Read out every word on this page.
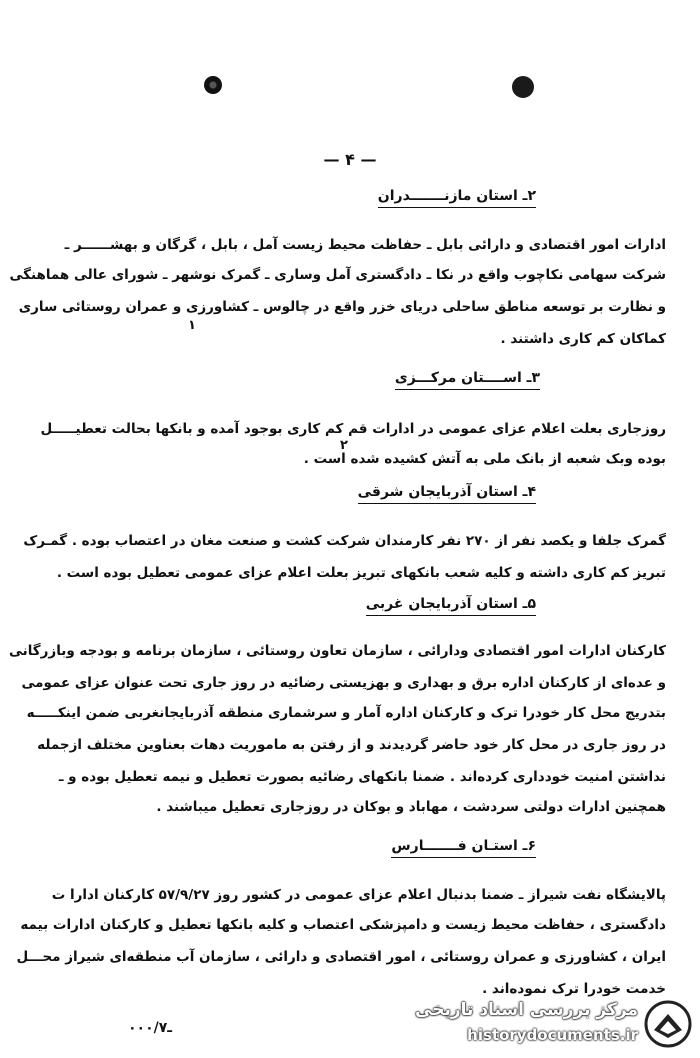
— ۴ —
۲ـ استان مازنـــــــدران
ادارات امور اقتصادی و دارائی بابل ـ حفاظت محیط زیست آمل ، بابل ، گرگان و بهشــــــر ـ
شرکت سهامی نکاچوب واقع در نکا ـ دادگستری آمل وساری ـ گمرک نوشهر ـ شورای عالی هماهنگی
و نظارت بر توسعه مناطق ساحلی دریای خزر واقع در چالوس ـ کشاورزی و عمران روستائی ساری
کماکان کم کاری داشتند .
۱
۳ـ اســــتان مرکـــزی
روزجاری بعلت اعلام عزای عمومی در ادارات قم کم کاری بوجود آمده و بانکها بحالت تعطیـــــل
بوده وبک شعبه از بانک ملی به آتش کشیده شده است .
۲
۴ـ استان آذربایجان شرقی
گمرک جلفا و یکصد نفر از ۲۷۰ نفر کارمندان شرکت کشت و صنعت مغان در اعتصاب بوده . گمـرک
تبریز کم کاری داشته و کلیه شعب بانکهای تبریز بعلت اعلام عزای عمومی تعطیل بوده است .
۵ـ استان آذربایجان غربی
کارکنان ادارات امور اقتصادی ودارائی ، سازمان تعاون روستائی ، سازمان برنامه و بودجه وبازرگانی
و عده‌ای از کارکنان اداره برق و بهداری و بهزیستی رضائیه در روز جاری تحت عنوان عزای عمومی
بتدریج محل کار خودرا ترک و کارکنان اداره آمار و سرشماری منطقه آذربایجانغربی ضمن اینکـــــه
در روز جاری در محل کار خود حاضر گردیدند و از رفتن به ماموریت دهات بعناوین مختلف ازجمله
نداشتن امنیت خودداری کرده‌اند . ضمنا بانکهای رضائیه بصورت تعطیل و نیمه تعطیل بوده و ـ
همچنین ادارات دولتی سردشت ، مهاباد و بوکان در روزجاری تعطیل میباشند .
۶ـ استـان فـــــــارس
پالایشگاه نفت شیراز ـ ضمنا بدنبال اعلام عزای عمومی در کشور روز ۵۷/۹/۲۷ کارکنان ادارا ت
دادگستری ، حفاظت محیط زیست و دامپزشکی اعتصاب و کلیه بانکها تعطیل و کارکنان ادارات بیمه
ایران ، کشاورزی و عمران روستائی ، امور اقتصادی و دارائی ، سازمان آب منطقه‌ای شیراز محـــل
خدمت خودرا ترک نموده‌اند .
۰۰۰/۷ـ
مرکز بررسی اسناد تاریخی
historydocuments.ir
